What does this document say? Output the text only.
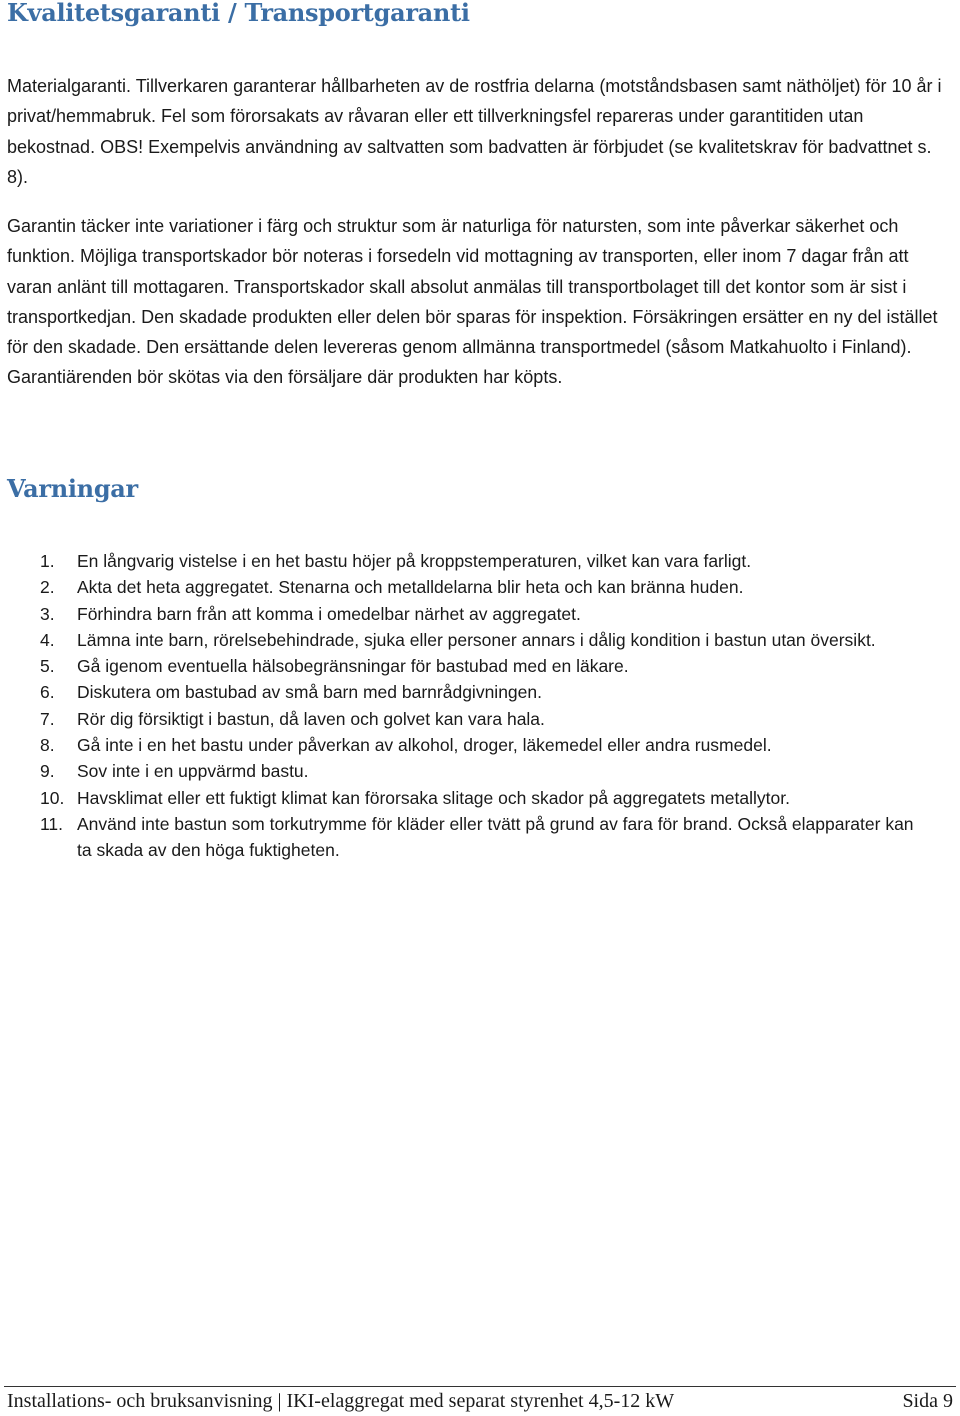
Kvalitetsgaranti / Transportgaranti

Materialgaranti. Tillverkaren garanterar hållbarheten av de rostfria delarna (motståndsbasen samt näthöljet) för 10 år i privat/hemmabruk. Fel som förorsakats av råvaran eller ett tillverkningsfel repareras under garantitiden utan bekostnad. OBS! Exempelvis användning av saltvatten som badvatten är förbjudet (se kvalitetskrav för badvattnet s. 8).

Garantin täcker inte variationer i färg och struktur som är naturliga för natursten, som inte påverkar säkerhet och funktion. Möjliga transportskador bör noteras i forsedeln vid mottagning av transporten, eller inom 7 dagar från att varan anlänt till mottagaren. Transportskador skall absolut anmälas till transportbolaget till det kontor som är sist i transportkedjan. Den skadade produkten eller delen bör sparas för inspektion. Försäkringen ersätter en ny del istället för den skadade. Den ersättande delen levereras genom allmänna transportmedel (såsom Matkahuolto i Finland). Garantiärenden bör skötas via den försäljare där produkten har köpts.

Varningar
1. En långvarig vistelse i en het bastu höjer på kroppstemperaturen, vilket kan vara farligt.
2. Akta det heta aggregatet. Stenarna och metalldelarna blir heta och kan bränna huden.
3. Förhindra barn från att komma i omedelbar närhet av aggregatet.
4. Lämna inte barn, rörelsebehindrade, sjuka eller personer annars i dålig kondition i bastun utan översikt.
5. Gå igenom eventuella hälsobegränsningar för bastubad med en läkare.
6. Diskutera om bastubad av små barn med barnrådgivningen.
7. Rör dig försiktigt i bastun, då laven och golvet kan vara hala.
8. Gå inte i en het bastu under påverkan av alkohol, droger, läkemedel eller andra rusmedel.
9. Sov inte i en uppvärmd bastu.
10. Havsklimat eller ett fuktigt klimat kan förorsaka slitage och skador på aggregatets metallytor.
11. Använd inte bastun som torkutrymme för kläder eller tvätt på grund av fara för brand. Också elapparater kan ta skada av den höga fuktigheten.
Installations- och bruksanvisning | IKI-elaggregat med separat styrenhet 4,5-12 kW	Sida 9
